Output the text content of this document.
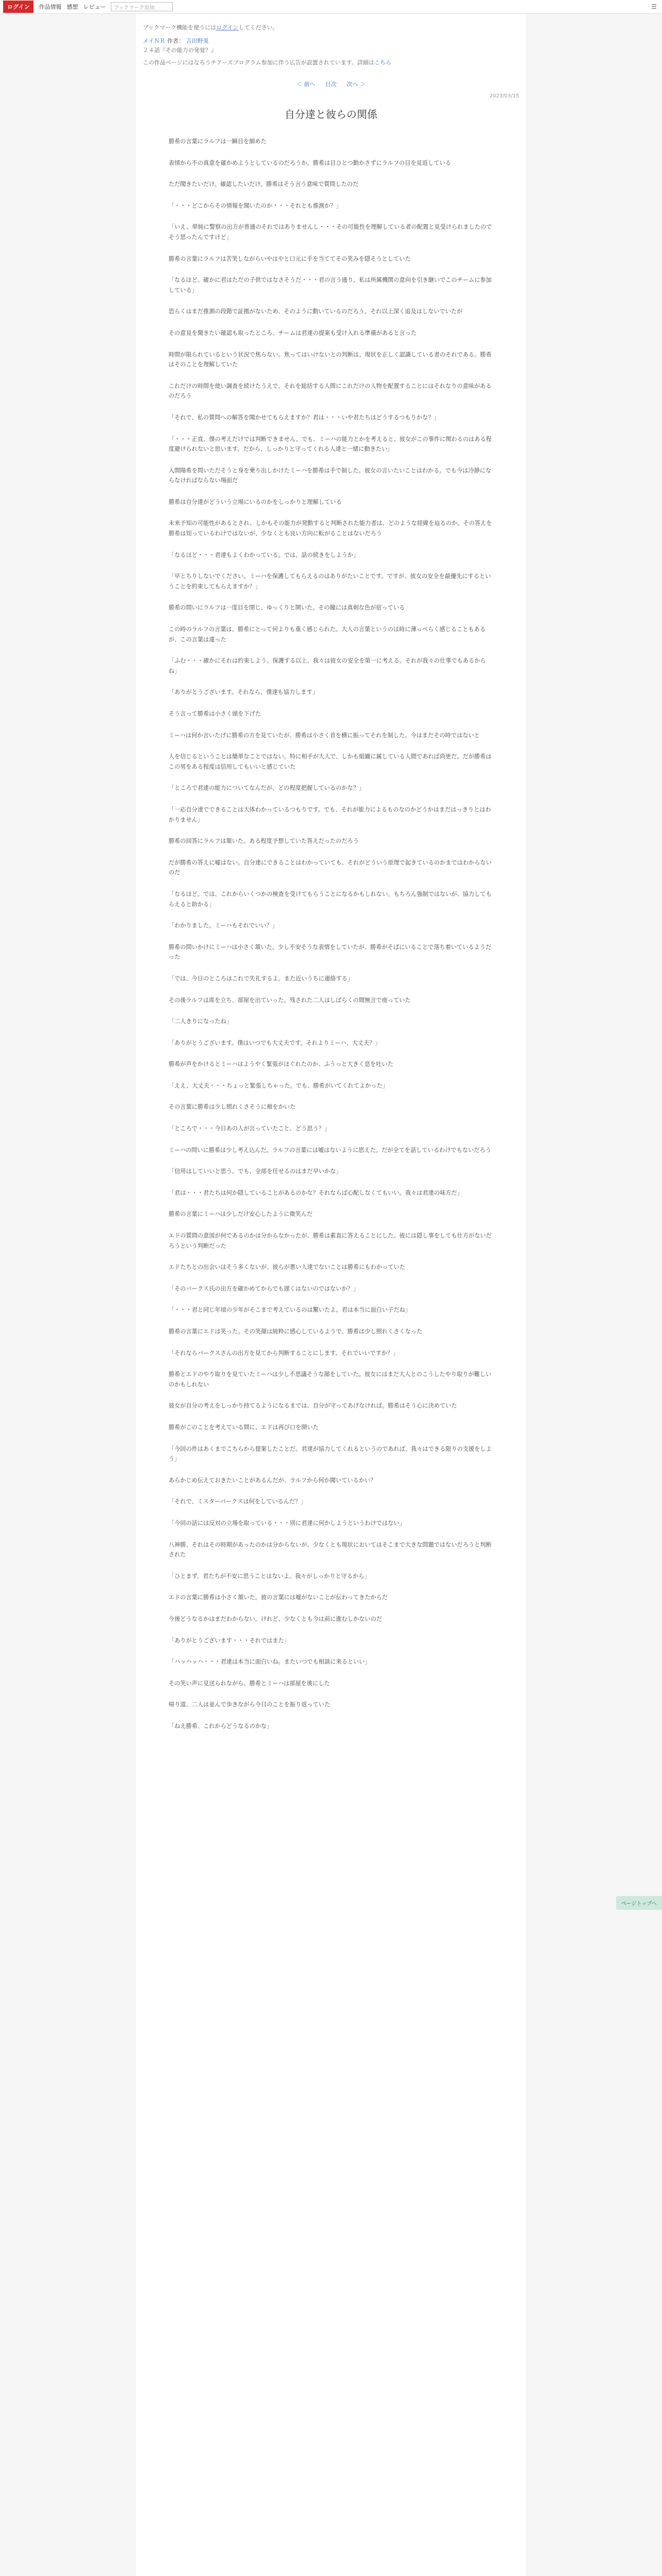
ログイン	作品情報 感想 レビュー	ブックマーク追加	☰
ブックマーク機能を使うにはログインしてください。
メイＮＲ 作者： 吉田野兎
２４話『その能力の発覚？』
この作品ページにはなろうチアーズプログラム参加に伴う広告が設置されています。詳細はこちら
＜ 前へ 目次 次へ ＞
2023/03/15
自分達と彼らの関係

勝希の言葉にラルフは一瞬目を細めた

表情から不の真意を確かめようとしているのだろうか。勝希は目ひとつ動かさずにラルフの目を見返している

ただ聞きたいだけ。確認したいだけ。勝希はそう言う意味で質問したのだ

「・・・どこからその情報を聞いたのか・・・それとも推測か？」

「いえ、単純に警察の出方が普通のそれではありませんし・・・その可能性を理解している者の配置と見受けられましたのでそう思ったんですけど」

勝希の言葉にラルフは苦笑しながらいやはやと口元に手を当ててその笑みを隠そうとしていた

「なるほど。確かに君はただの子供ではなさそうだ・・・君の言う通り、私は所属機関の意向を引き継いでこのチームに参加している」

恐らくはまだ推測の段階で証拠がないため、そのように動いているのだろう。それ以上深く追及はしないでいたが

その意見を聞きたい確認も取ったところ、チームは君達の提案も受け入れる準備があると言った

時間が限られているという状況で焦らない。焦ってはいけないとの判断は、現状を正しく認識している者のそれである。勝希はそのことを理解していた

これだけの時間を使い調査を続けたうえで、それを総括する人間にこれだけの人物を配置することにはそれなりの意味があるのだろう

「それで、私の質問への解答を聞かせてもらえますか？君は・・・いや君たちはどうするつもりかな？」

「・・・正直、僕の考えだけでは判断できません。でも、ミーハの能力とかを考えると、彼女がこの事件に関わるのはある程度避けられないと思います。だから、しっかりと守ってくれる人達と一緒に動きたい」

入間陽希を問いただそうと身を乗り出しかけたミーハを勝希は手で制した。彼女の言いたいことはわかる。でも今は冷静にならなければならない場面だ

勝希は自分達がどういう立場にいるのかをしっかりと理解している

未来予知の可能性があるとされ、しかもその能力が発動すると判断された能力者は、どのような経緯を辿るのか。その答えを勝希は知っているわけではないが、少なくとも良い方向に転がることはないだろう

「なるほど・・・君達もよくわかっている。では、話の続きをしようか」

「早とちりしないでください。ミーハを保護してもらえるのはありがたいことです。ですが、彼女の安全を最優先にするということを約束してもらえますか？」

勝希の問いにラルフは一度目を閉じ、ゆっくりと開いた。その瞳には真剣な色が宿っている

この時のラルフの言葉は、勝希にとって何よりも重く感じられた。大人の言葉というのは時に薄っぺらく感じることもあるが、この言葉は違った

「ふむ・・・確かにそれは約束しよう。保護する以上、我々は彼女の安全を第一に考える。それが我々の仕事でもあるからね」

「ありがとうございます。それなら、僕達も協力します」

そう言って勝希は小さく頭を下げた

ミーハは何か言いたげに勝希の方を見ていたが、勝希は小さく首を横に振ってそれを制した。今はまだその時ではないと

人を信じるということは簡単なことではない。特に相手が大人で、しかも組織に属している人間であれば尚更だ。だが勝希はこの男をある程度は信用してもいいと感じていた

「ところで君達の能力についてなんだが、どの程度把握しているのかな？」

「一応自分達でできることは大体わかっているつもりです。でも、それが能力によるものなのかどうかはまだはっきりとはわかりません」

勝希の回答にラルフは頷いた。ある程度予想していた答えだったのだろう

だが勝希の答えに嘘はない。自分達にできることはわかっていても、それがどういう原理で起きているのかまではわからないのだ

「なるほど。では、これからいくつかの検査を受けてもらうことになるかもしれない。もちろん強制ではないが、協力してもらえると助かる」

「わかりました。ミーハもそれでいい？」

勝希の問いかけにミーハは小さく頷いた。少し不安そうな表情をしていたが、勝希がそばにいることで落ち着いているようだった

「では、今日のところはこれで失礼するよ。また近いうちに連絡する」

その後ラルフは席を立ち、部屋を出ていった。残された二人はしばらくの間無言で座っていた

「二人きりになったね」

「ありがとうございます。僕はいつでも大丈夫です。それよりミーハ、大丈夫？」

勝希が声をかけるとミーハはようやく緊張がほぐれたのか、ふうっと大きく息を吐いた

「ええ、大丈夫・・・ちょっと緊張しちゃった。でも、勝希がいてくれてよかった」

その言葉に勝希は少し照れくさそうに頬をかいた

「ところで・・・今日あの人が言っていたこと、どう思う？」

ミーハの問いに勝希は少し考え込んだ。ラルフの言葉には嘘はないように思えた。だが全てを話しているわけでもないだろう

「信用はしていいと思う。でも、全部を任せるのはまだ早いかな」

「君は・・・君たちは何か隠していることがあるのかな？それならば心配しなくてもいい。我々は君達の味方だ」

勝希の言葉にミーハは少しだけ安心したように微笑んだ

エドの質問の意図が何であるのかは分からなかったが、勝希は素直に答えることにした。彼には隠し事をしても仕方がないだろうという判断だった

エドたちとの出会いはそう多くないが、彼らが悪い人達でないことは勝希にもわかっていた

「そのパークス氏の出方を確かめてからでも遅くはないのではないか？」

「・・・君と同じ年頃の少年がそこまで考えているのは驚いたよ。君は本当に面白い子だね」

勝希の言葉にエドは笑った。その笑顔は純粋に感心しているようで、勝希は少し照れくさくなった

「それならパークスさんの出方を見てから判断することにします。それでいいですか？」

勝希とエドのやり取りを見ていたミーハは少し不思議そうな顔をしていた。彼女にはまだ大人とのこうしたやり取りが難しいのかもしれない

彼女が自分の考えをしっかり持てるようになるまでは、自分が守ってあげなければ。勝希はそう心に決めていた

勝希がこのことを考えている間に、エドは再び口を開いた

「今回の件はあくまでこちらから提案したことだ。君達が協力してくれるというのであれば、我々はできる限りの支援をしよう」

あらかじめ伝えておきたいことがあるんだが、ラルフから何か聞いているかい？

「それで、ミスターパークスは何をしているんだ？」

「今回の話には反対の立場を取っている・・・別に君達に何かしようというわけではない」

八神勝、それはその時期があったのかは分からないが、少なくとも現状においてはそこまで大きな問題ではないだろうと判断された

「ひとまず、君たちが不安に思うことはないよ。我々がしっかりと守るから」

エドの言葉に勝希は小さく頷いた。彼の言葉には嘘がないことが伝わってきたからだ

今後どうなるかはまだわからない。けれど、少なくとも今は前に進むしかないのだ

「ありがとうございます・・・それではまた」

「ハッハッハ・・・君達は本当に面白いね。またいつでも相談に来るといい」

その笑い声に見送られながら、勝希とミーハは部屋を後にした

帰り道、二人は並んで歩きながら今日のことを振り返っていた

「ねえ勝希、これからどうなるのかな」

ページトップへ
